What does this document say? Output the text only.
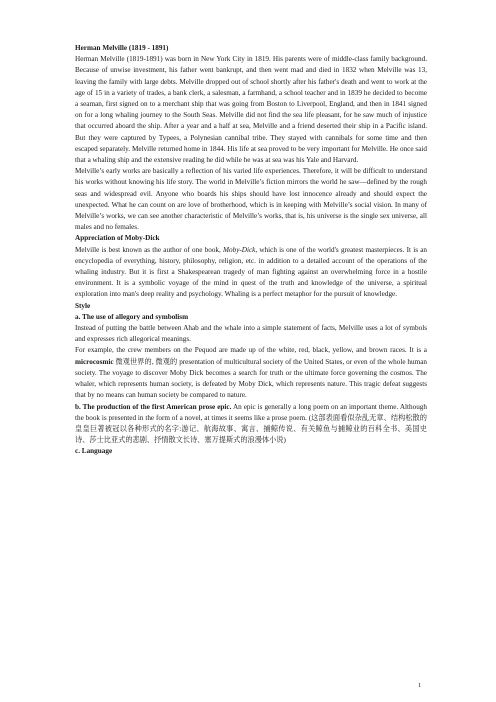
Herman Melville (1819 - 1891)

Herman Melville (1819-1891) was born in New York City in 1819. His parents were of middle-class family background. Because of unwise investment, his father went bankrupt, and then went mad and died in 1832 when Melville was 13, leaving the family with large debts. Melville dropped out of school shortly after his father's death and went to work at the age of 15 in a variety of trades, a bank clerk, a salesman, a farmhand, a school teacher and in 1839 he decided to become a seaman, first signed on to a merchant ship that was going from Boston to Liverpool, England, and then in 1841 signed on for a long whaling journey to the South Seas. Melville did not find the sea life pleasant, for he saw much of injustice that occurred aboard the ship. After a year and a half at sea, Melville and a friend deserted their ship in a Pacific island. But they were captured by Typees, a Polynesian cannibal tribe. They stayed with cannibals for some time and then escaped separately. Melville returned home in 1844. His life at sea proved to be very important for Melville. He once said that a whaling ship and the extensive reading he did while he was at sea was his Yale and Harvard.

Melville’s early works are basically a reflection of his varied life experiences. Therefore, it will be difficult to understand his works without knowing his life story. The world in Melville’s fiction mirrors the world he saw—defined by the rough seas and widespread evil. Anyone who boards his ships should have lost innocence already and should expect the unexpected. What he can count on are love of brotherhood, which is in keeping with Melville’s social vision. In many of Melville’s works, we can see another characteristic of Melville’s works, that is, his universe is the single sex universe, all males and no females.

Appreciation of Moby-Dick

Melville is best known as the author of one book, Moby-Dick, which is one of the world's greatest masterpieces. It is an encyclopedia of everything, history, philosophy, religion, etc. in addition to a detailed account of the operations of the whaling industry. But it is first a Shakespearean tragedy of man fighting against an overwhelming force in a hostile environment. It is a symbolic voyage of the mind in quest of the truth and knowledge of the universe, a spiritual exploration into man's deep reality and psychology. Whaling is a perfect metaphor for the pursuit of knowledge.

Style

a. The use of allegory and symbolism

Instead of putting the battle between Ahab and the whale into a simple statement of facts, Melville uses a lot of symbols and expresses rich allegorical meanings.

For example, the crew members on the Pequod are made up of the white, red, black, yellow, and brown races. It is a microcosmic 微观世界的, 微观的 presentation of multicultural society of the United States, or even of the whole human society. The voyage to discover Moby Dick becomes a search for truth or the ultimate force governing the cosmos. The whaler, which represents human society, is defeated by Moby Dick, which represents nature. This tragic defeat suggests that by no means can human society be compared to nature.

b. The production of the first American prose epic. An epic is generally a long poem on an important theme. Although the book is presented in the form of a novel, at times it seems like a prose poem. (这部表面看似杂乱无章、结构松散的皇皇巨著被冠以各种形式的名字:游记、航海故事、寓言、捕鲸传说、有关鲸鱼与捕鲸业的百科全书、美国史诗、莎士比亚式的悲剧、抒情散文长诗、塞万提斯式的浪漫体小说)

c. Language

1
